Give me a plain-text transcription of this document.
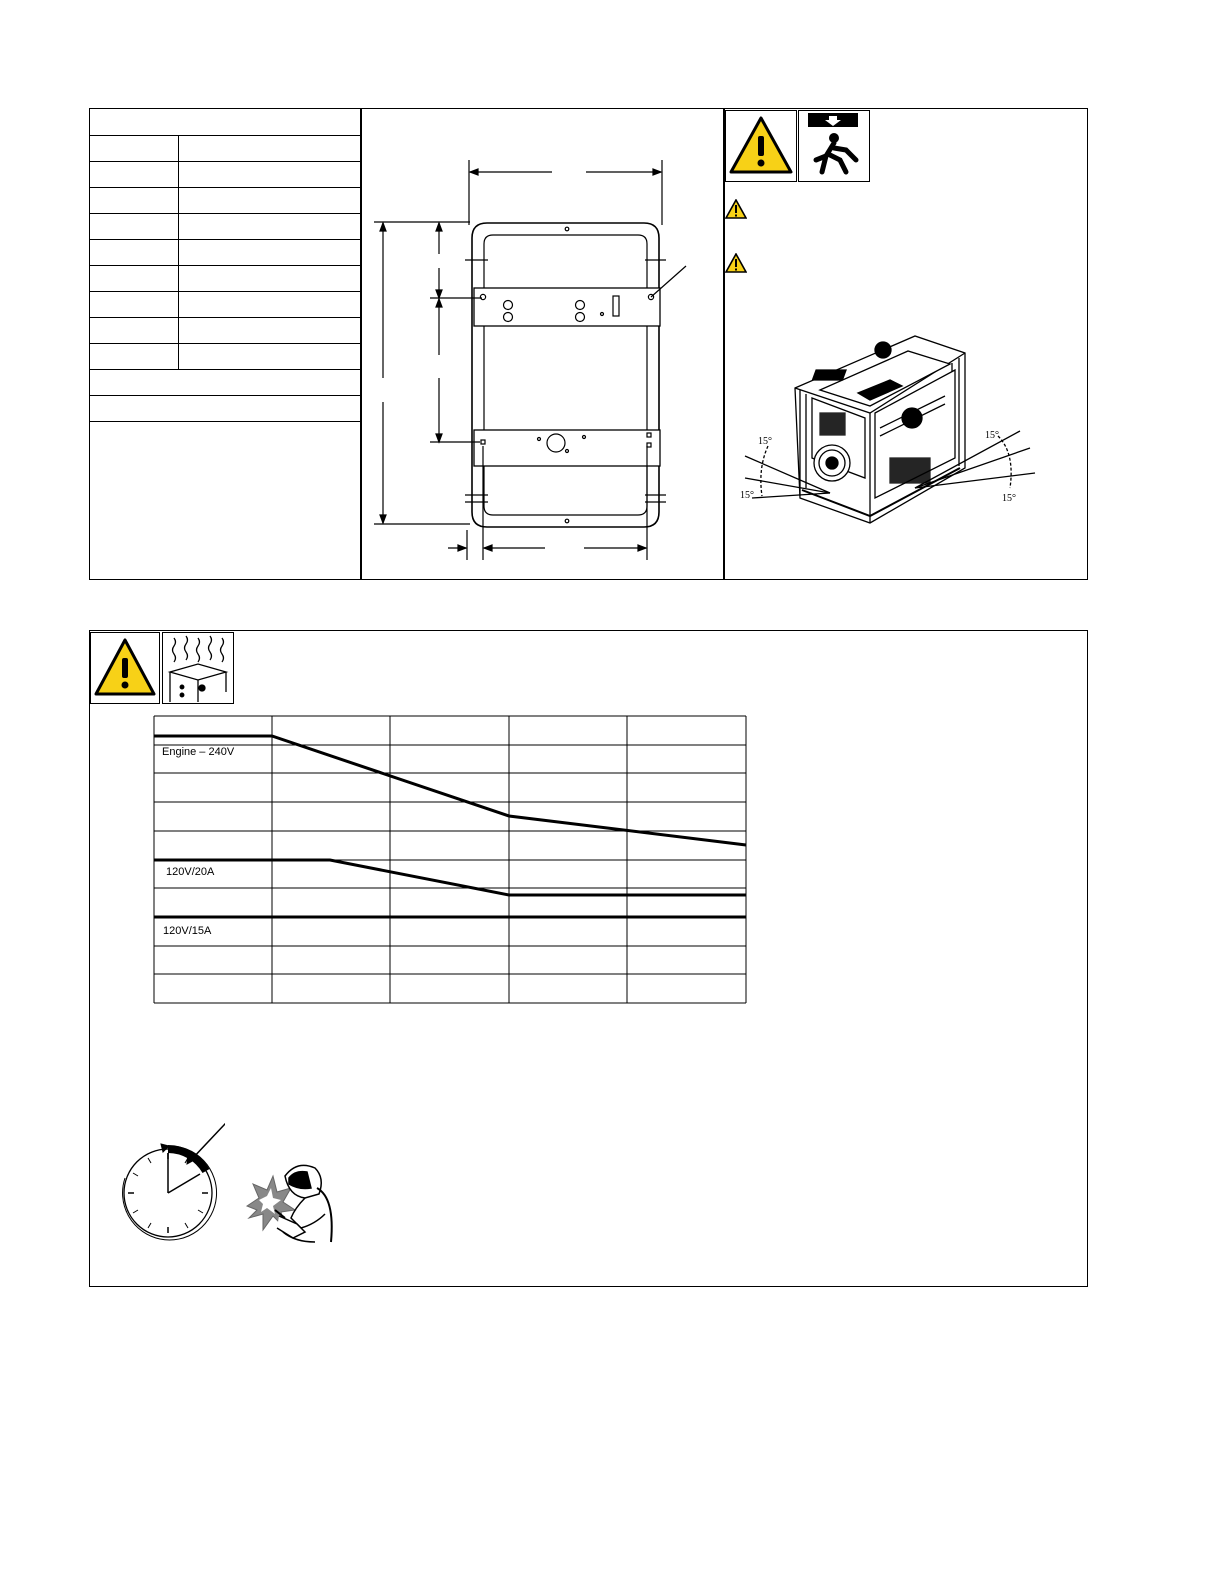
15°
15°
15°
15°
Engine – 240V
120V/20A
120V/15A
